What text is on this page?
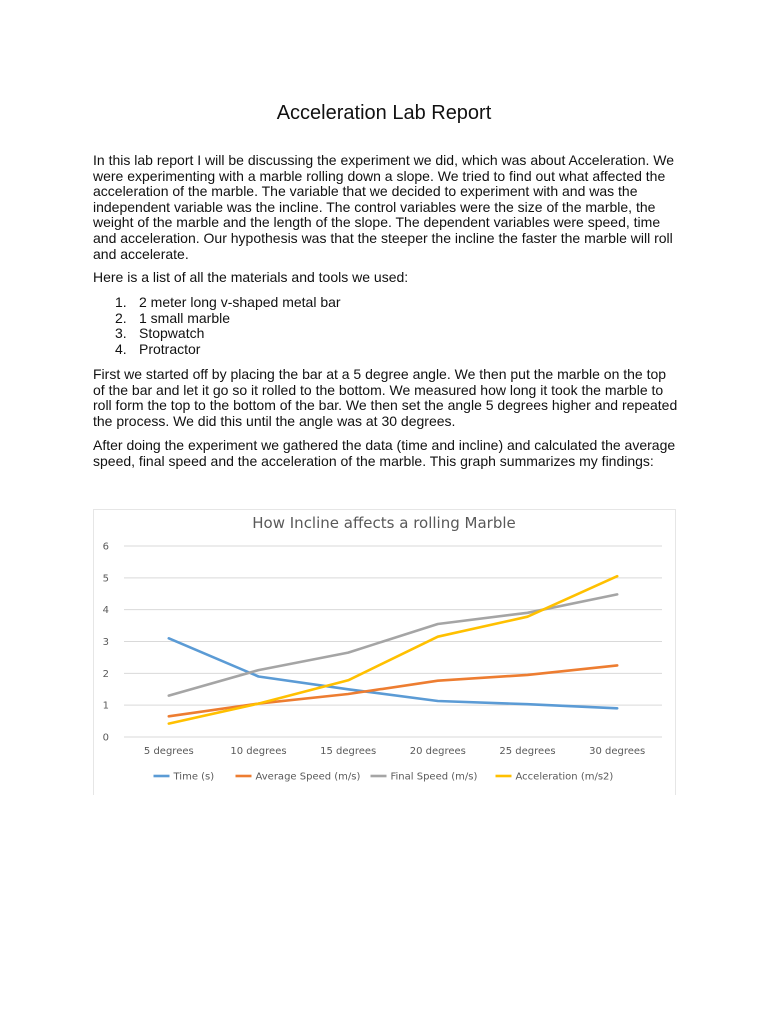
Acceleration Lab Report

In this lab report I will be discussing the experiment we did, which was about Acceleration. We were experimenting with a marble rolling down a slope. We tried to find out what affected the acceleration of the marble. The variable that we decided to experiment with and was the independent variable was the incline. The control variables were the size of the marble, the weight of the marble and the length of the slope. The dependent variables were speed, time and acceleration. Our hypothesis was that the steeper the incline the faster the marble will roll and accelerate.

Here is a list of all the materials and tools we used:

1. 2 meter long v-shaped metal bar
2. 1 small marble
3. Stopwatch
4. Protractor

First we started off by placing the bar at a 5 degree angle. We then put the marble on the top of the bar and let it go so it rolled to the bottom. We measured how long it took the marble to roll form the top to the bottom of the bar. We then set the angle 5 degrees higher and repeated the process. We did this until the angle was at 30 degrees.

After doing the experiment we gathered the data (time and incline) and calculated the average speed, final speed and the acceleration of the marble. This graph summarizes my findings:

How Incline affects a rolling Marble
0
1
2
3
4
5
6
5 degrees	10 degrees	15 degrees	20 degrees	25 degrees	30 degrees
Time (s)	Average Speed (m/s)	Final Speed (m/s)	Acceleration (m/s2)
